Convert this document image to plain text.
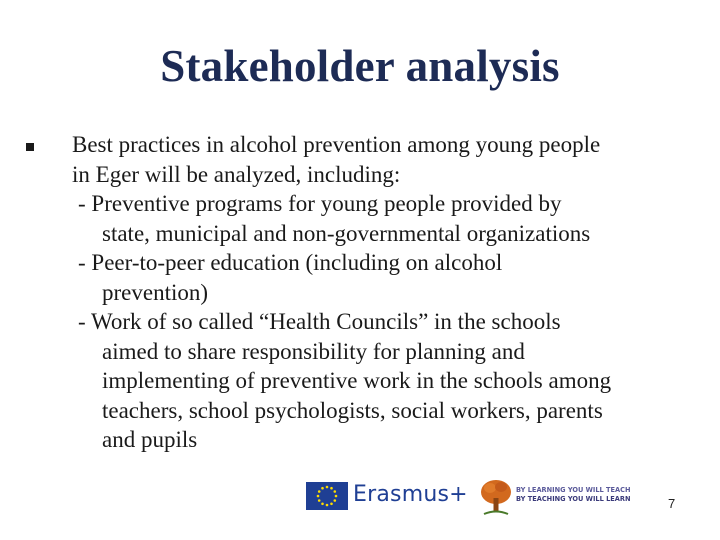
Stakeholder analysis
Best practices in alcohol prevention among young people
in Eger will be analyzed, including:
- Preventive programs for young people provided by
state, municipal and non-governmental organizations
- Peer-to-peer education (including on alcohol
prevention)
- Work of so called “Health Councils” in the schools
aimed to share responsibility for planning and
implementing of preventive work in the schools among
teachers, school psychologists, social workers, parents
and pupils
Erasmus+	BY LEARNING YOU WILL TEACH
BY TEACHING YOU WILL LEARN	7
